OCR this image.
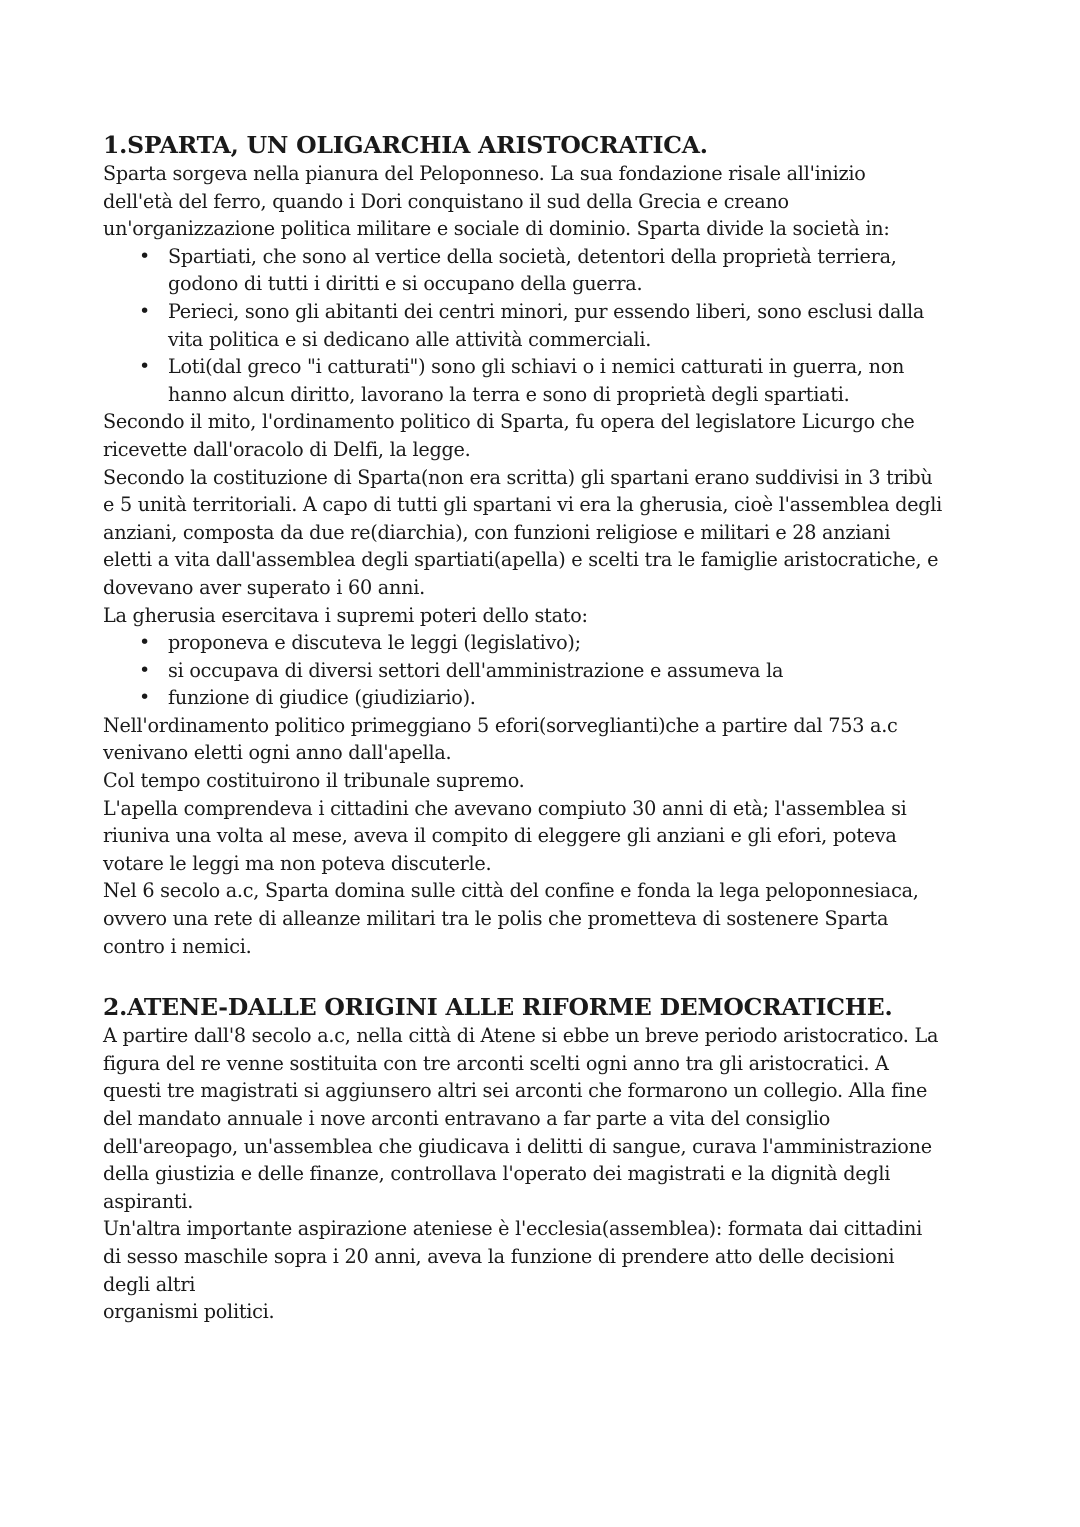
1.SPARTA, UN OLIGARCHIA ARISTOCRATICA.

Sparta sorgeva nella pianura del Peloponneso. La sua fondazione risale all'inizio

dell'età del ferro, quando i Dori conquistano il sud della Grecia e creano

un'organizzazione politica militare e sociale di dominio. Sparta divide la società in:

• Spartiati, che sono al vertice della società, detentori della proprietà terriera,
godono di tutti i diritti e si occupano della guerra.
• Perieci, sono gli abitanti dei centri minori, pur essendo liberi, sono esclusi dalla
vita politica e si dedicano alle attività commerciali.
• Loti(dal greco "i catturati") sono gli schiavi o i nemici catturati in guerra, non
hanno alcun diritto, lavorano la terra e sono di proprietà degli spartiati.

Secondo il mito, l'ordinamento politico di Sparta, fu opera del legislatore Licurgo che

ricevette dall'oracolo di Delfi, la legge.

Secondo la costituzione di Sparta(non era scritta) gli spartani erano suddivisi in 3 tribù

e 5 unità territoriali. A capo di tutti gli spartani vi era la gherusia, cioè l'assemblea degli

anziani, composta da due re(diarchia), con funzioni religiose e militari e 28 anziani

eletti a vita dall'assemblea degli spartiati(apella) e scelti tra le famiglie aristocratiche, e

dovevano aver superato i 60 anni.

La gherusia esercitava i supremi poteri dello stato:

• proponeva e discuteva le leggi (legislativo);
• si occupava di diversi settori dell'amministrazione e assumeva la
• funzione di giudice (giudiziario).

Nell'ordinamento politico primeggiano 5 efori(sorveglianti)che a partire dal 753 a.c

venivano eletti ogni anno dall'apella.

Col tempo costituirono il tribunale supremo.

L'apella comprendeva i cittadini che avevano compiuto 30 anni di età; l'assemblea si

riuniva una volta al mese, aveva il compito di eleggere gli anziani e gli efori, poteva

votare le leggi ma non poteva discuterle.

Nel 6 secolo a.c, Sparta domina sulle città del confine e fonda la lega peloponnesiaca,

ovvero una rete di alleanze militari tra le polis che prometteva di sostenere Sparta

contro i nemici.

2.ATENE-DALLE ORIGINI ALLE RIFORME DEMOCRATICHE.

A partire dall'8 secolo a.c, nella città di Atene si ebbe un breve periodo aristocratico. La

figura del re venne sostituita con tre arconti scelti ogni anno tra gli aristocratici. A

questi tre magistrati si aggiunsero altri sei arconti che formarono un collegio. Alla fine

del mandato annuale i nove arconti entravano a far parte a vita del consiglio

dell'areopago, un'assemblea che giudicava i delitti di sangue, curava l'amministrazione

della giustizia e delle finanze, controllava l'operato dei magistrati e la dignità degli

aspiranti.

Un'altra importante aspirazione ateniese è l'ecclesia(assemblea): formata dai cittadini

di sesso maschile sopra i 20 anni, aveva la funzione di prendere atto delle decisioni

degli altri

organismi politici.
